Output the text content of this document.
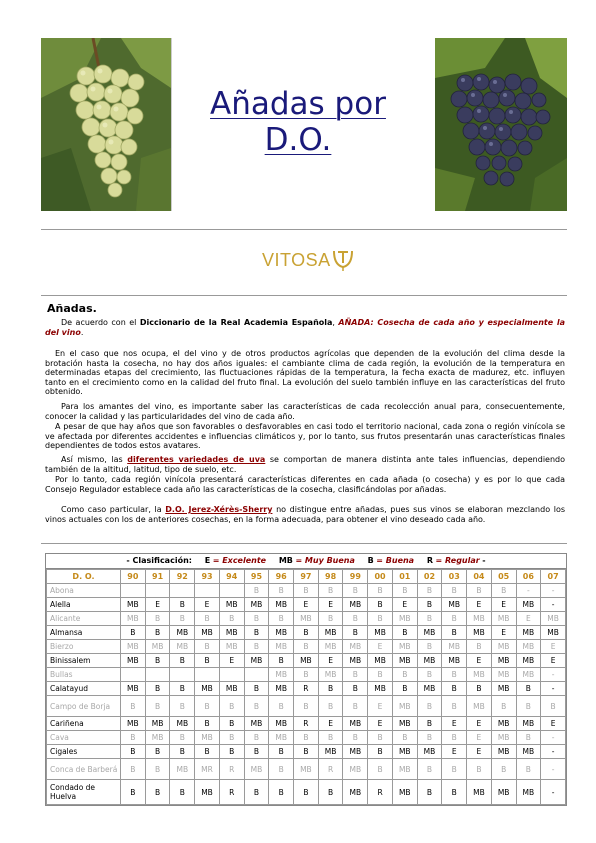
Añadas por
D.O.
VITOSA
Añadas.
De acuerdo con el Diccionario de la Real Academia Española, AÑADA: Cosecha de cada año y especialmente la del vino.
En el caso que nos ocupa, el del vino y de otros productos agrícolas que dependen de la evolución del clima desde la brotación hasta la cosecha, no hay dos años iguales: el cambiante clima de cada región, la evolución de la temperatura en determinadas etapas del crecimiento, las fluctuaciones rápidas de la temperatura, la fecha exacta de madurez, etc. influyen tanto en el crecimiento como en la calidad del fruto final. La evolución del suelo también influye en las características del fruto obtenido.
Para los amantes del vino, es importante saber las características de cada recolección anual para, consecuentemente, conocer la calidad y las particularidades del vino de cada año.
A pesar de que hay años que son favorables o desfavorables en casi todo el territorio nacional, cada zona o región vinícola se ve afectada por diferentes accidentes e influencias climáticos y, por lo tanto, sus frutos presentarán unas características finales dependientes de todos estos avatares.
Así mismo, las diferentes variedades de uva se comportan de manera distinta ante tales influencias, dependiendo también de la altitud, latitud, tipo de suelo, etc.
Por lo tanto, cada región vinícola presentará características diferentes en cada añada (o cosecha) y es por lo que cada Consejo Regulador establece cada año las características de la cosecha, clasificándolas por añadas.
Como caso particular, la D.O. Jerez-Xérès-Sherry no distingue entre añadas, pues sus vinos se elaboran mezclando los vinos actuales con los de anteriores cosechas, en la forma adecuada, para obtener el vino deseado cada año.
- Clasificación: E = Excelente MB = Muy Buena B = Buena R = Regular -
D. O.	90	91	92	93	94	95	96	97	98	99	00	01	02	03	04	05	06	07
Abona						B	B	B	B	B	B	B	B	B	B	B	-	-
Alella	MB	E	B	E	MB	MB	MB	E	E	MB	B	E	B	MB	E	E	MB	-
Alicante	MB	B	B	B	B	B	B	MB	B	B	B	MB	B	B	MB	MB	E	MB
Almansa	B	B	MB	MB	MB	B	MB	B	MB	B	MB	B	MB	B	MB	E	MB	MB
Bierzo	MB	MB	MB	B	MB	B	MB	B	MB	MB	E	MB	B	MB	B	MB	MB	E
Binissalem	MB	B	B	B	E	MB	B	MB	E	MB	MB	MB	MB	MB	E	MB	MB	E
Bullas							MB	B	MB	B	B	B	B	B	MB	MB	MB	-
Calatayud	MB	B	B	MB	MB	B	MB	R	B	B	MB	B	MB	B	B	MB	B	-
Campo de Borja	B	B	B	B	B	B	B	B	B	B	E	MB	B	B	MB	B	B	B
Cariñena	MB	MB	MB	B	B	MB	MB	R	E	MB	E	MB	B	E	E	MB	MB	E
Cava	B	MB	B	MB	B	B	MB	B	B	B	B	B	B	B	E	MB	B	-
Cigales	B	B	B	B	B	B	B	B	MB	MB	B	MB	MB	E	E	MB	MB	-
Conca de Barberá	B	B	MB	MR	R	MB	B	MB	R	MB	B	MB	B	B	B	B	B	-
Condado de Huelva	B	B	B	MB	R	B	B	B	B	MB	R	MB	B	B	MB	MB	MB	-
